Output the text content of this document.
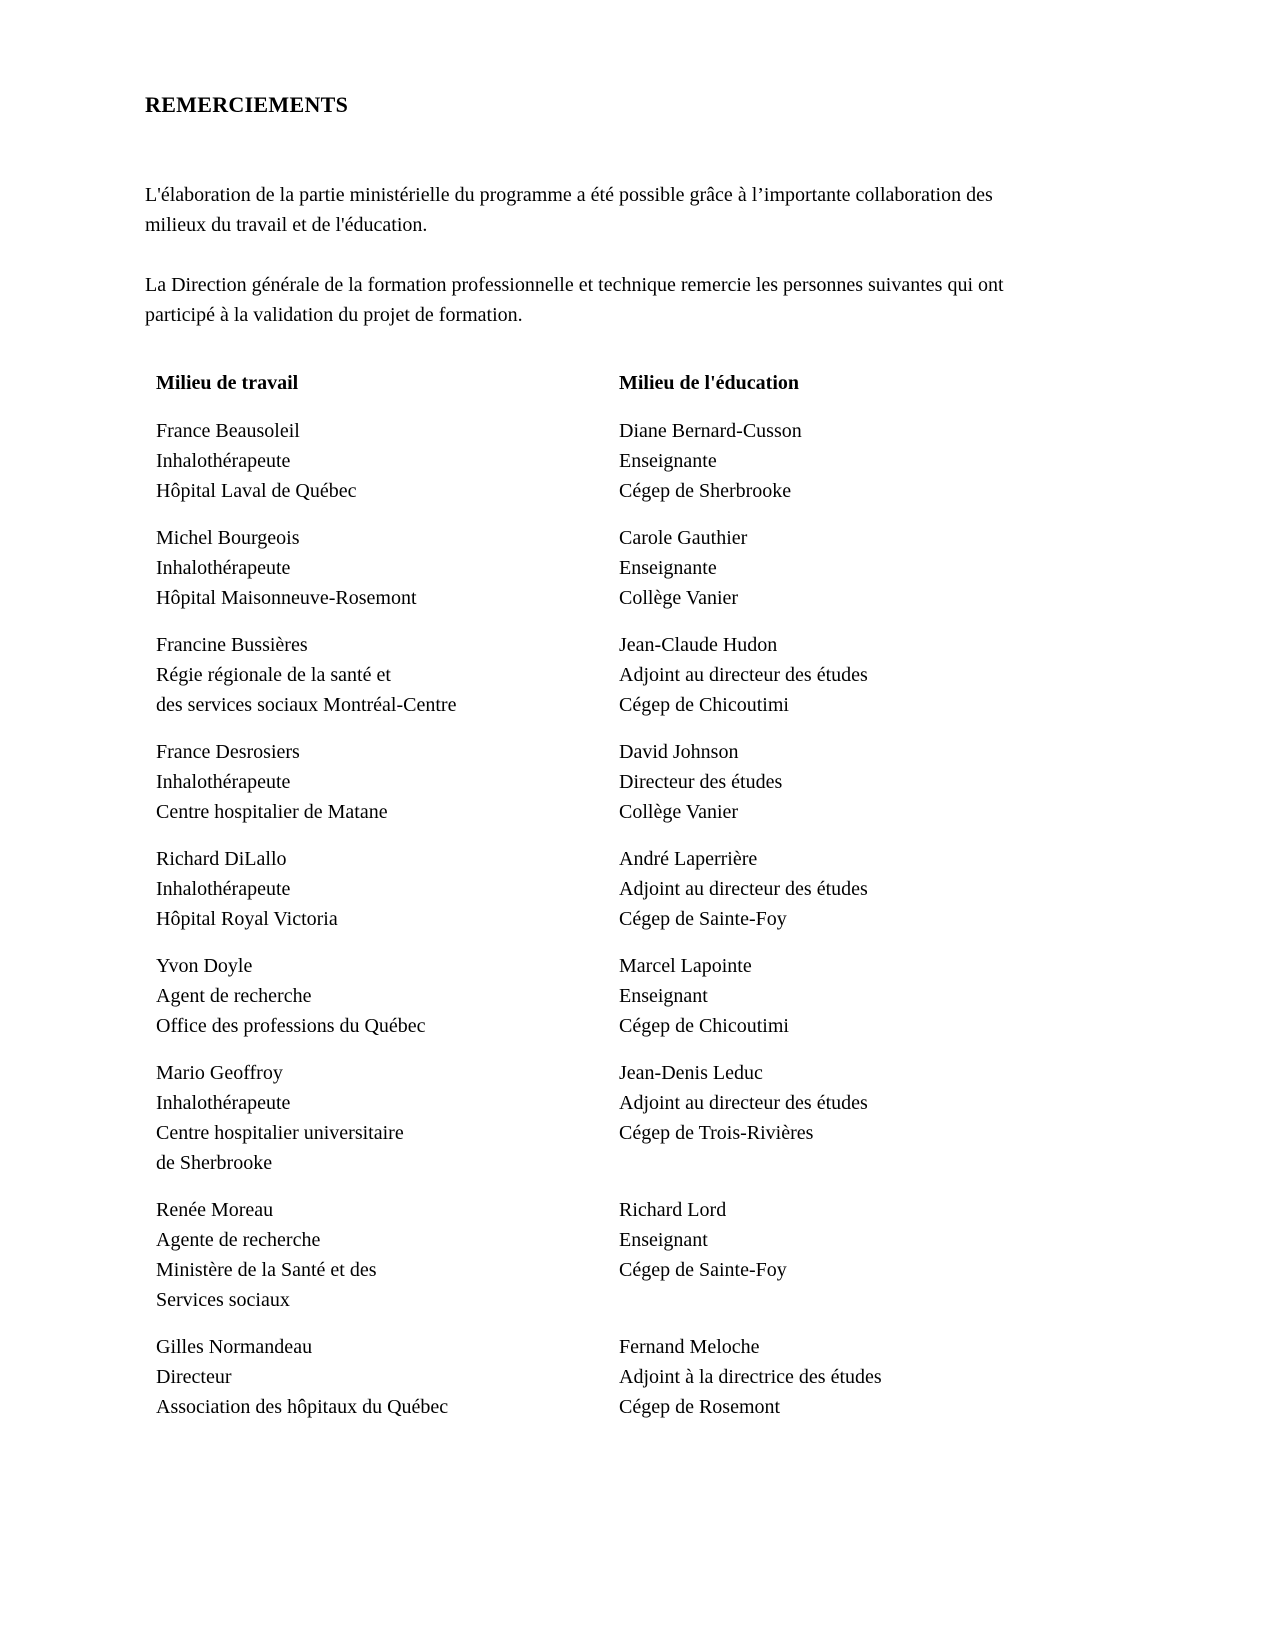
REMERCIEMENTS
L'élaboration de la partie ministérielle du programme a été possible grâce à l’importante collaboration des
milieux du travail et de l'éducation.
La Direction générale de la formation professionnelle et technique remercie les personnes suivantes qui ont
participé à la validation du projet de formation.
Milieu de travail	Milieu de l'éducation
France Beausoleil
Inhalothérapeute
Hôpital Laval de Québec
Diane Bernard-Cusson
Enseignante
Cégep de Sherbrooke
Michel Bourgeois
Inhalothérapeute
Hôpital Maisonneuve-Rosemont
Carole Gauthier
Enseignante
Collège Vanier
Francine Bussières
Régie régionale de la santé et
des services sociaux Montréal-Centre
Jean-Claude Hudon
Adjoint au directeur des études
Cégep de Chicoutimi
France Desrosiers
Inhalothérapeute
Centre hospitalier de Matane
David Johnson
Directeur des études
Collège Vanier
Richard DiLallo
Inhalothérapeute
Hôpital Royal Victoria
André Laperrière
Adjoint au directeur des études
Cégep de Sainte-Foy
Yvon Doyle
Agent de recherche
Office des professions du Québec
Marcel Lapointe
Enseignant
Cégep de Chicoutimi
Mario Geoffroy
Inhalothérapeute
Centre hospitalier universitaire
de Sherbrooke
Jean-Denis Leduc
Adjoint au directeur des études
Cégep de Trois-Rivières
Renée Moreau
Agente de recherche
Ministère de la Santé et des
Services sociaux
Richard Lord
Enseignant
Cégep de Sainte-Foy
Gilles Normandeau
Directeur
Association des hôpitaux du Québec
Fernand Meloche
Adjoint à la directrice des études
Cégep de Rosemont
